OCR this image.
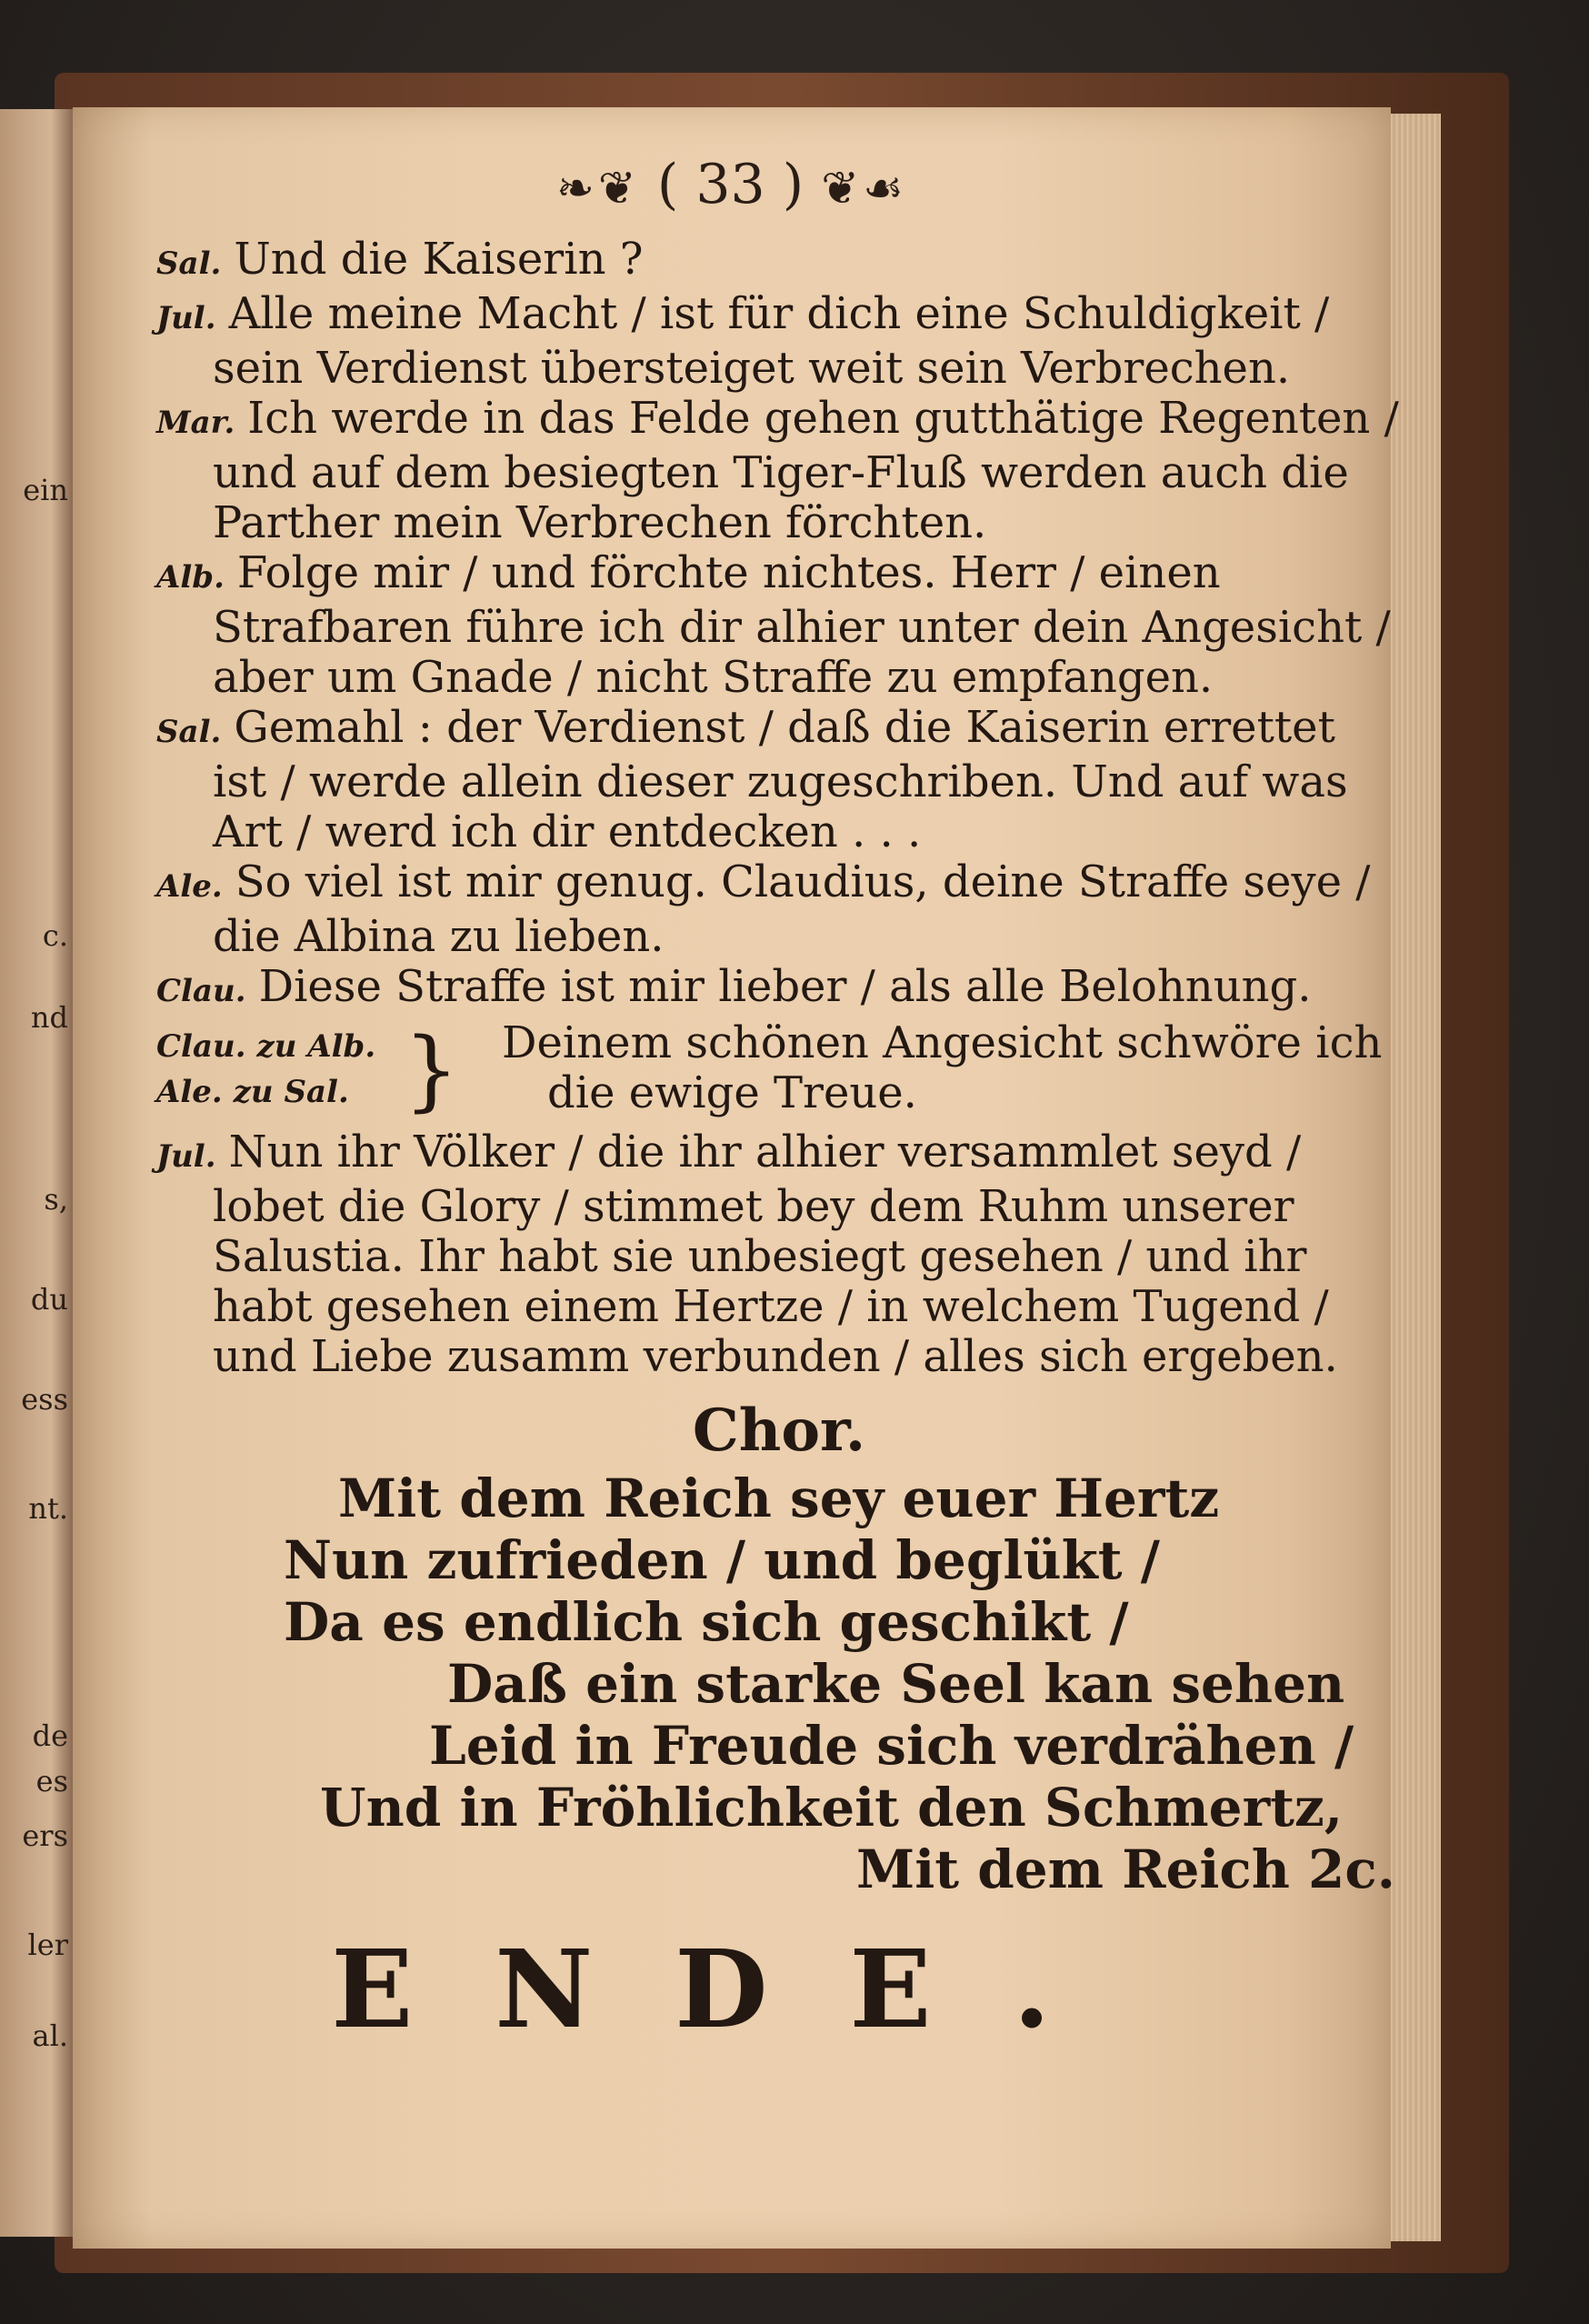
ein
c.
nd
s,
du
ess
nt.
de
es
ers
ler
al.
❧❦ ( 33 ) ❦☙

Sal. Und die Kaiserin ?

Jul. Alle meine Macht / ist für dich eine Schuldigkeit / sein Verdienst übersteiget weit sein Verbrechen.

Mar. Ich werde in das Felde gehen gutthätige Regenten / und auf dem besiegten Tiger-Fluß werden auch die Parther mein Verbrechen förchten.

Alb. Folge mir / und förchte nichtes. Herr / einen Strafbaren führe ich dir alhier unter dein Angesicht / aber um Gnade / nicht Straffe zu empfangen.

Sal. Gemahl : der Verdienst / daß die Kaiserin errettet ist / werde allein dieser zugeschriben. Und auf was Art / werd ich dir entdecken . . .

Ale. So viel ist mir genug. Claudius, deine Straffe seye / die Albina zu lieben.

Clau. Diese Straffe ist mir lieber / als alle Belohnung.

Clau. zu Alb.
Ale. zu Sal. } Deinem schönen Angesicht schwöre ich
die ewige Treue.

Jul. Nun ihr Völker / die ihr alhier versammlet seyd / lobet die Glory / stimmet bey dem Ruhm unserer Salustia. Ihr habt sie unbesiegt gesehen / und ihr habt gesehen einem Hertze / in welchem Tugend / und Liebe zusamm verbunden / alles sich ergeben.

Chor.
Mit dem Reich sey euer Hertz
Nun zufrieden / und beglükt /
Da es endlich sich geschikt /
Daß ein starke Seel kan sehen
Leid in Freude sich verdrähen /
Und in Fröhlichkeit den Schmertz,
Mit dem Reich 2c.
ENDE.
